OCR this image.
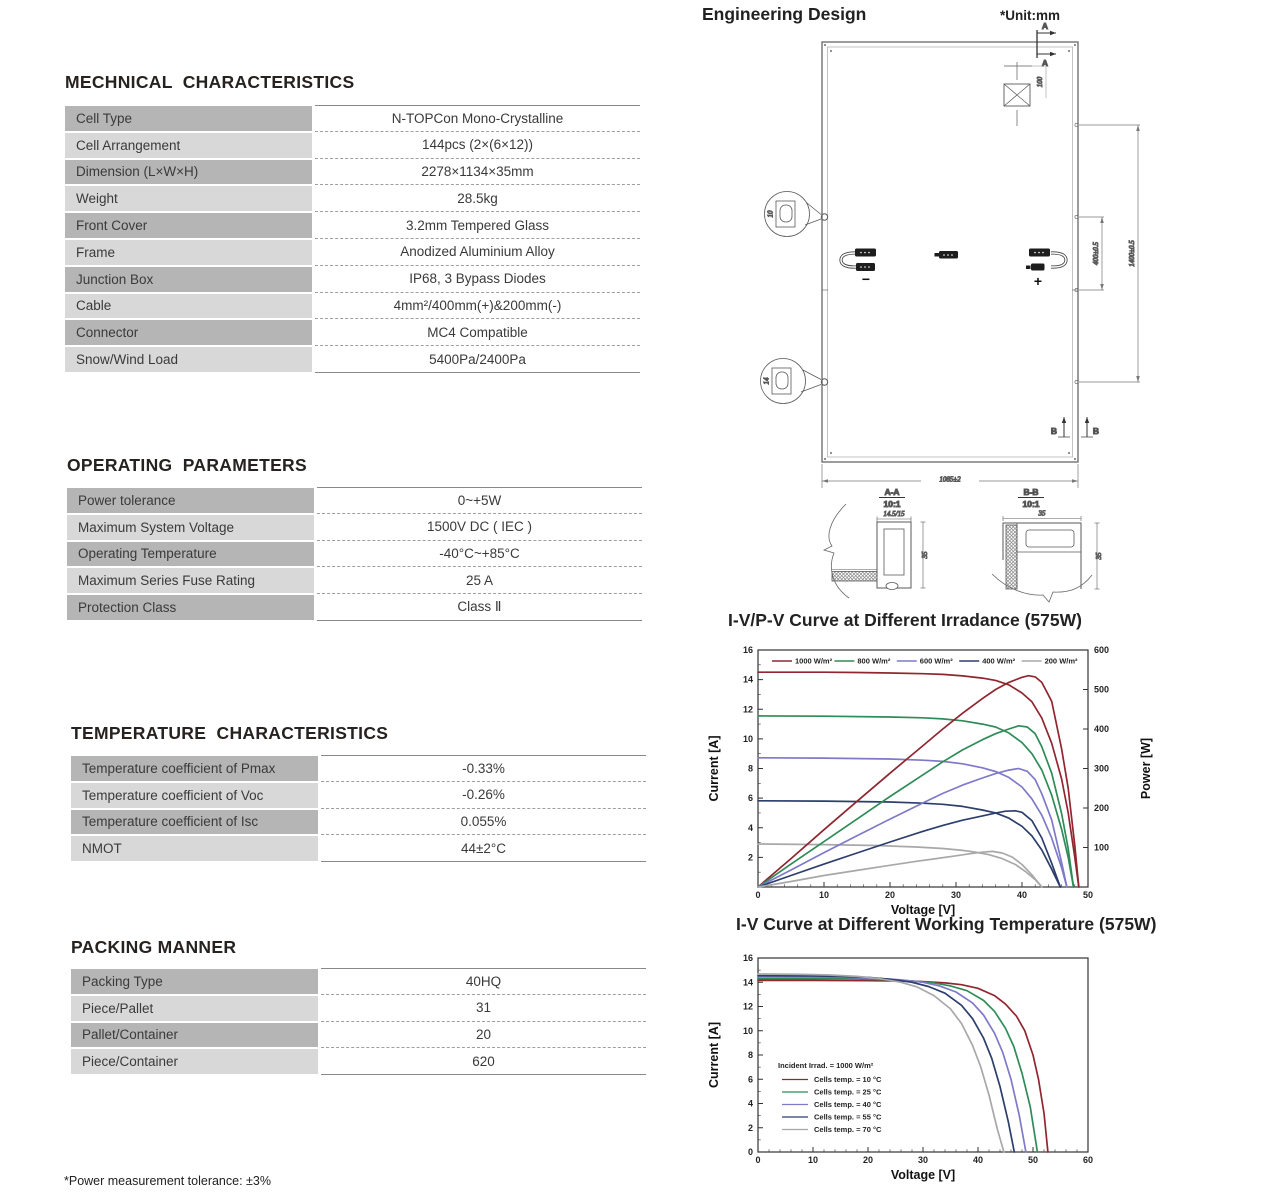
MECHNICAL  CHARACTERISTICS
Cell Type	N-TOPCon Mono-Crystalline
Cell Arrangement	144pcs (2×(6×12))
Dimension (L×W×H)	2278×1134×35mm
Weight	28.5kg
Front Cover	3.2mm Tempered Glass
Frame	Anodized Aluminium Alloy
Junction Box	IP68, 3 Bypass Diodes
Cable	4mm²/400mm(+)&200mm(-)
Connector	MC4 Compatible
Snow/Wind Load	5400Pa/2400Pa
OPERATING  PARAMETERS
Power tolerance	0~+5W
Maximum System Voltage	1500V DC ( IEC )
Operating Temperature	-40°C~+85°C
Maximum Series Fuse Rating	25 A
Protection Class	Class Ⅱ
TEMPERATURE  CHARACTERISTICS
Temperature coefficient of Pmax	-0.33%
Temperature coefficient of Voc	-0.26%
Temperature coefficient of Isc	0.055%
NMOT	44±2°C
PACKING MANNER
Packing Type	40HQ
Piece/Pallet	31
Pallet/Container	20
Piece/Container	620
*Power measurement tolerance: ±3%
Engineering Design	*Unit:mm
A
A
100
10
14
−	+
400±0.5	1400±0.5
B	B
1085±2
A-A
10:1
14.5/15
35
B-B
10:1
35
35
I-V/P-V Curve at Different Irradance (575W)
0	10	20	30	40	50
2
4
6
8
10
12
14
16
100
200
300
400
500
600
1000 W/m²	800 W/m²	600 W/m²	400 W/m²	200 W/m²
Voltage [V]
Current [A]	Power [W]
I-V Curve at Different Working Temperature (575W)
0	10	20	30	40	50	60
0
2
4
6
8
10
12
14
16
Incident Irrad. = 1000 W/m²
Cells temp. = 10 °C
Cells temp. = 25 °C
Cells temp. = 40 °C
Cells temp. = 55 °C
Cells temp. = 70 °C
Voltage [V]
Current [A]
